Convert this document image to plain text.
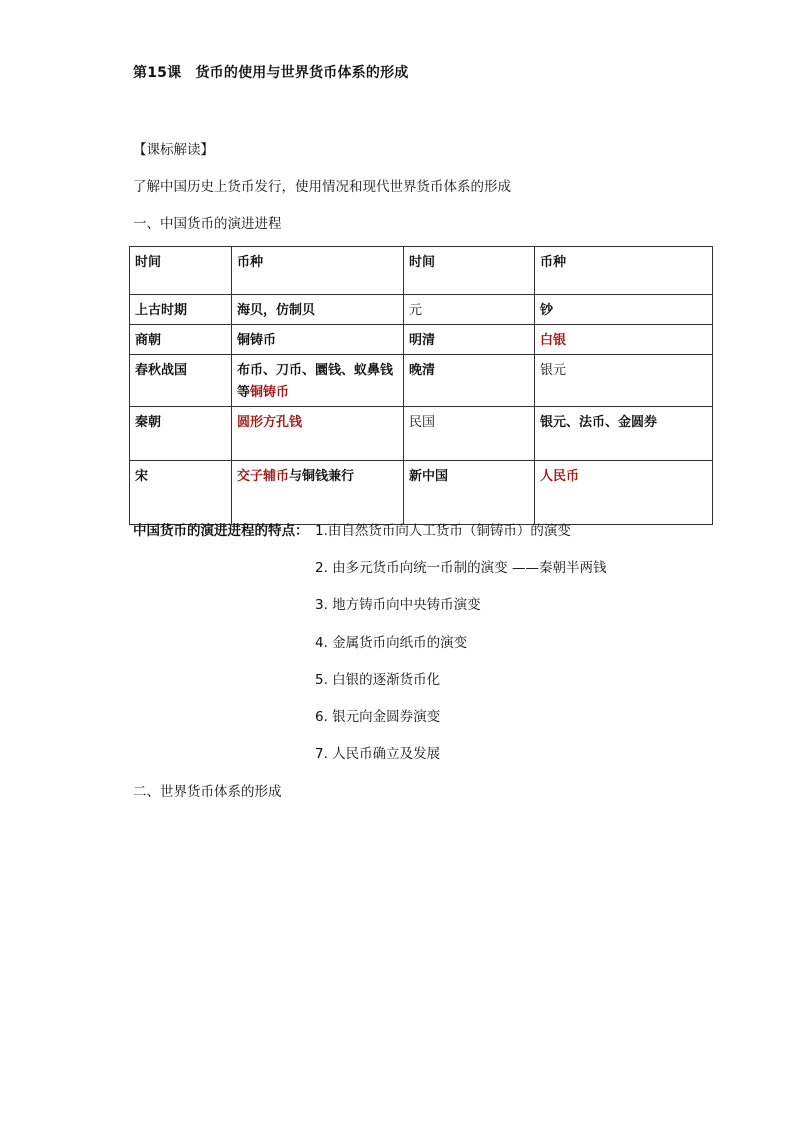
第15课　货币的使用与世界货币体系的形成
【课标解读】
了解中国历史上货币发行，使用情况和现代世界货币体系的形成
一、中国货币的演进进程
时间	币种	时间	币种
上古时期	海贝，仿制贝	元	钞
商朝	铜铸币	明清	白银
春秋战国	布币、刀币、圜钱、蚁鼻钱等铜铸币	晚清	银元
秦朝	圆形方孔钱	民国	银元、法币、金圆券
宋	交子辅币与铜钱兼行	新中国	人民币
中国货币的演进进程的特点： 1.由自然货币向人工货币（铜铸币）的演变
2. 由多元货币向统一币制的演变 ——秦朝半两钱
3. 地方铸币向中央铸币演变
4. 金属货币向纸币的演变
5. 白银的逐渐货币化
6. 银元向金圆券演变
7. 人民币确立及发展
二、世界货币体系的形成
